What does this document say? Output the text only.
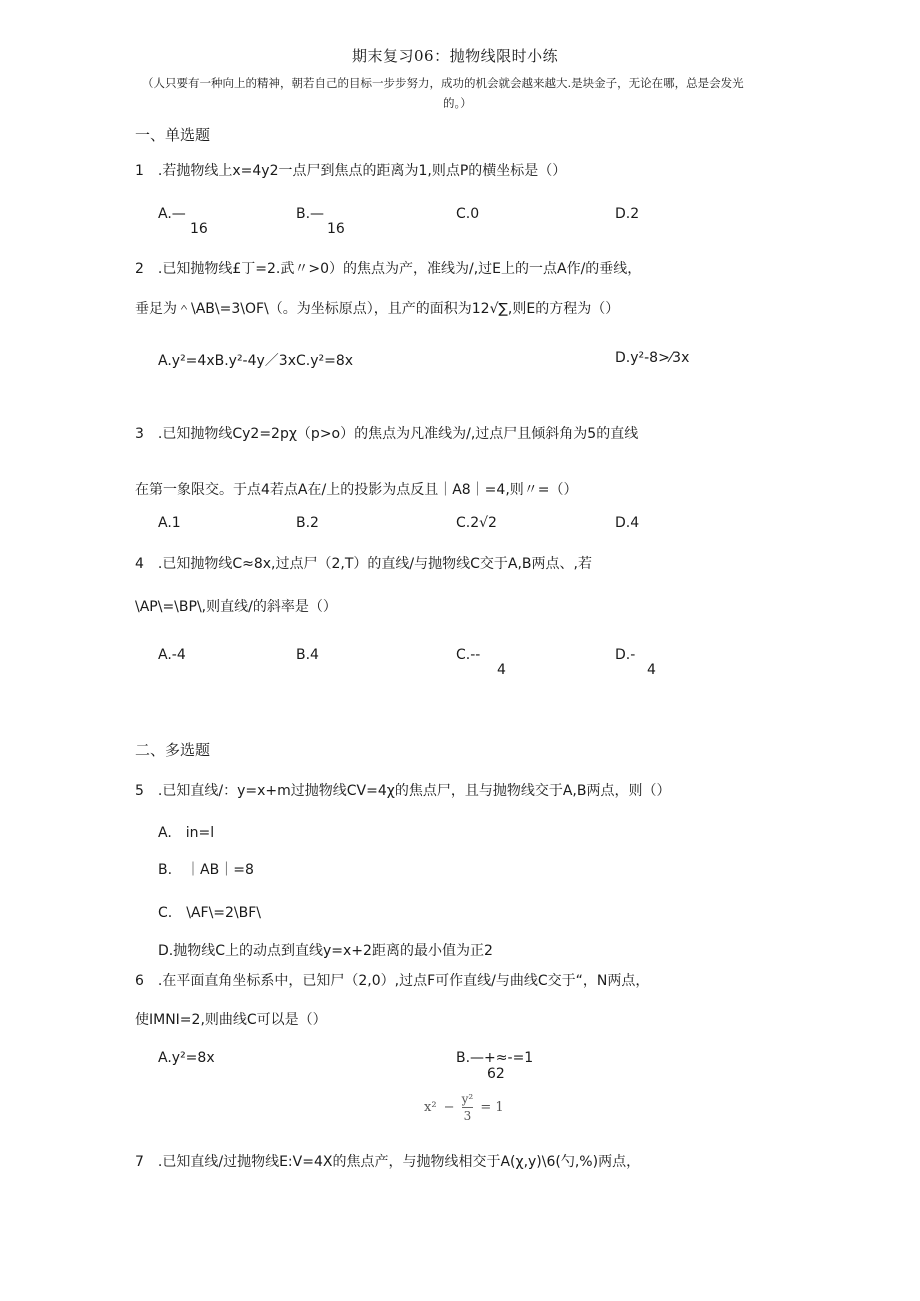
期末复习06：抛物线限时小练
（人只要有一种向上的精神，朝若自己的目标一步步努力，成功的机会就会越来越大.是块金子，无论在哪，总是会发光
的。）
一、单选题
1　.若抛物线上x=4y2一点尸到焦点的距离为1,则点P的横坐标是（）
A.—
16
B.—
16
C.0	D.2
2　.已知抛物线£丁=2.武〃>0）的焦点为产，准线为/,过E上的一点A作/的垂线，
垂足为＾\AB\=3\OF\（。为坐标原点），且产的面积为12√∑,则E的方程为（）
A.y²=4xB.y²-4y／3xC.y²=8x	D.y²-8>⁄3x
3　.已知抛物线Cy2=2pχ（p>o）的焦点为凡准线为/,过点尸且倾斜角为5的直线
在第一象限交。于点4若点A在/上的投影为点反且｜A8｜=4,则〃=（）
A.1	B.2	C.2√2	D.4
4　.已知抛物线C≈8x,过点尸（2,T）的直线/与抛物线C交于A,B两点、,若
\AP\=\BP\,则直线/的斜率是（）
A.-4	B.4	C.--
4
D.-
4
二、多选题
5　.已知直线/：y=x+m过抛物线CV=4χ的焦点尸，且与抛物线交于A,B两点，则（）
A.　in=l
B.　｜AB｜=8
C.　\AF\=2\BF\
D.抛物线C上的动点到直线y=x+2距离的最小值为正2
6　.在平面直角坐标系中，已知尸（2,0）,过点F可作直线/与曲线C交于“，N两点，
使IMNI=2,则曲线C可以是（）
A.y²=8x	B.—+≈-=1
62
$x^2 - \frac{\text{y²}}{3} = 1$
7　.已知直线/过抛物线E:V=4X的焦点产，与抛物线相交于A(χ,y)\6(勺,%)两点，
